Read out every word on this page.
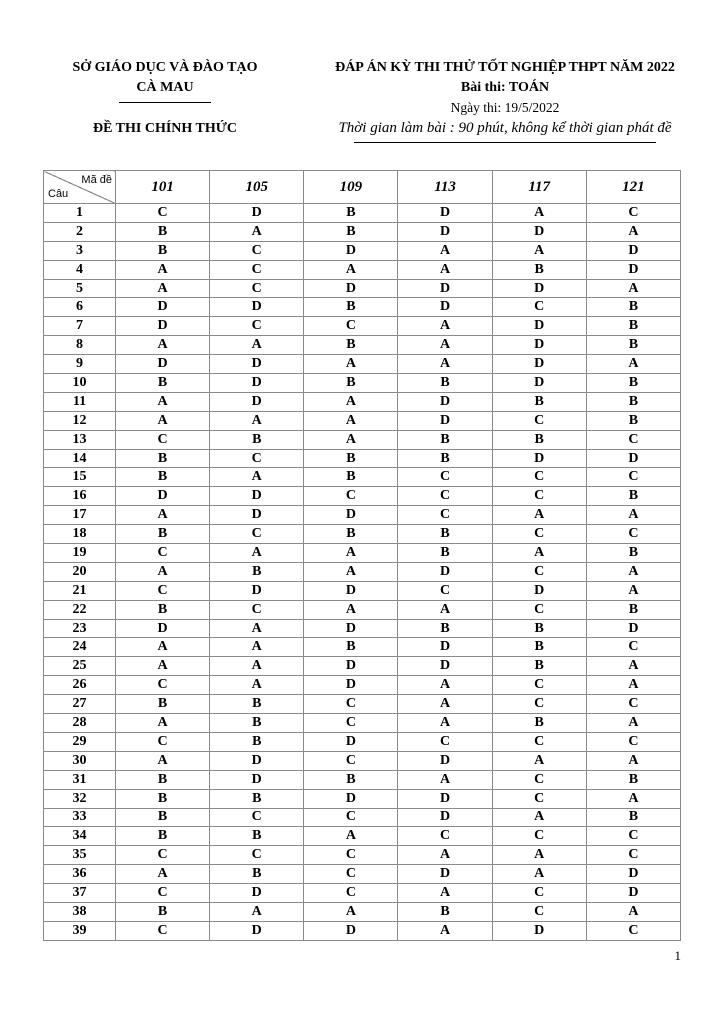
SỞ GIÁO DỤC VÀ ĐÀO TẠO
CÀ MAU
ĐỀ THI CHÍNH THỨC
ĐÁP ÁN KỲ THI THỬ TỐT NGHIỆP THPT NĂM 2022
Bài thi: TOÁN
Ngày thi: 19/5/2022
Thời gian làm bài : 90 phút, không kể thời gian phát đề
Mã đề
Câu	101	105	109	113	117	121
1	C	D	B	D	A	C
2	B	A	B	D	D	A
3	B	C	D	A	A	D
4	A	C	A	A	B	D
5	A	C	D	D	D	A
6	D	D	B	D	C	B
7	D	C	C	A	D	B
8	A	A	B	A	D	B
9	D	D	A	A	D	A
10	B	D	B	B	D	B
11	A	D	A	D	B	B
12	A	A	A	D	C	B
13	C	B	A	B	B	C
14	B	C	B	B	D	D
15	B	A	B	C	C	C
16	D	D	C	C	C	B
17	A	D	D	C	A	A
18	B	C	B	B	C	C
19	C	A	A	B	A	B
20	A	B	A	D	C	A
21	C	D	D	C	D	A
22	B	C	A	A	C	B
23	D	A	D	B	B	D
24	A	A	B	D	B	C
25	A	A	D	D	B	A
26	C	A	D	A	C	A
27	B	B	C	A	C	C
28	A	B	C	A	B	A
29	C	B	D	C	C	C
30	A	D	C	D	A	A
31	B	D	B	A	C	B
32	B	B	D	D	C	A
33	B	C	C	D	A	B
34	B	B	A	C	C	C
35	C	C	C	A	A	C
36	A	B	C	D	A	D
37	C	D	C	A	C	D
38	B	A	A	B	C	A
39	C	D	D	A	D	C
1
